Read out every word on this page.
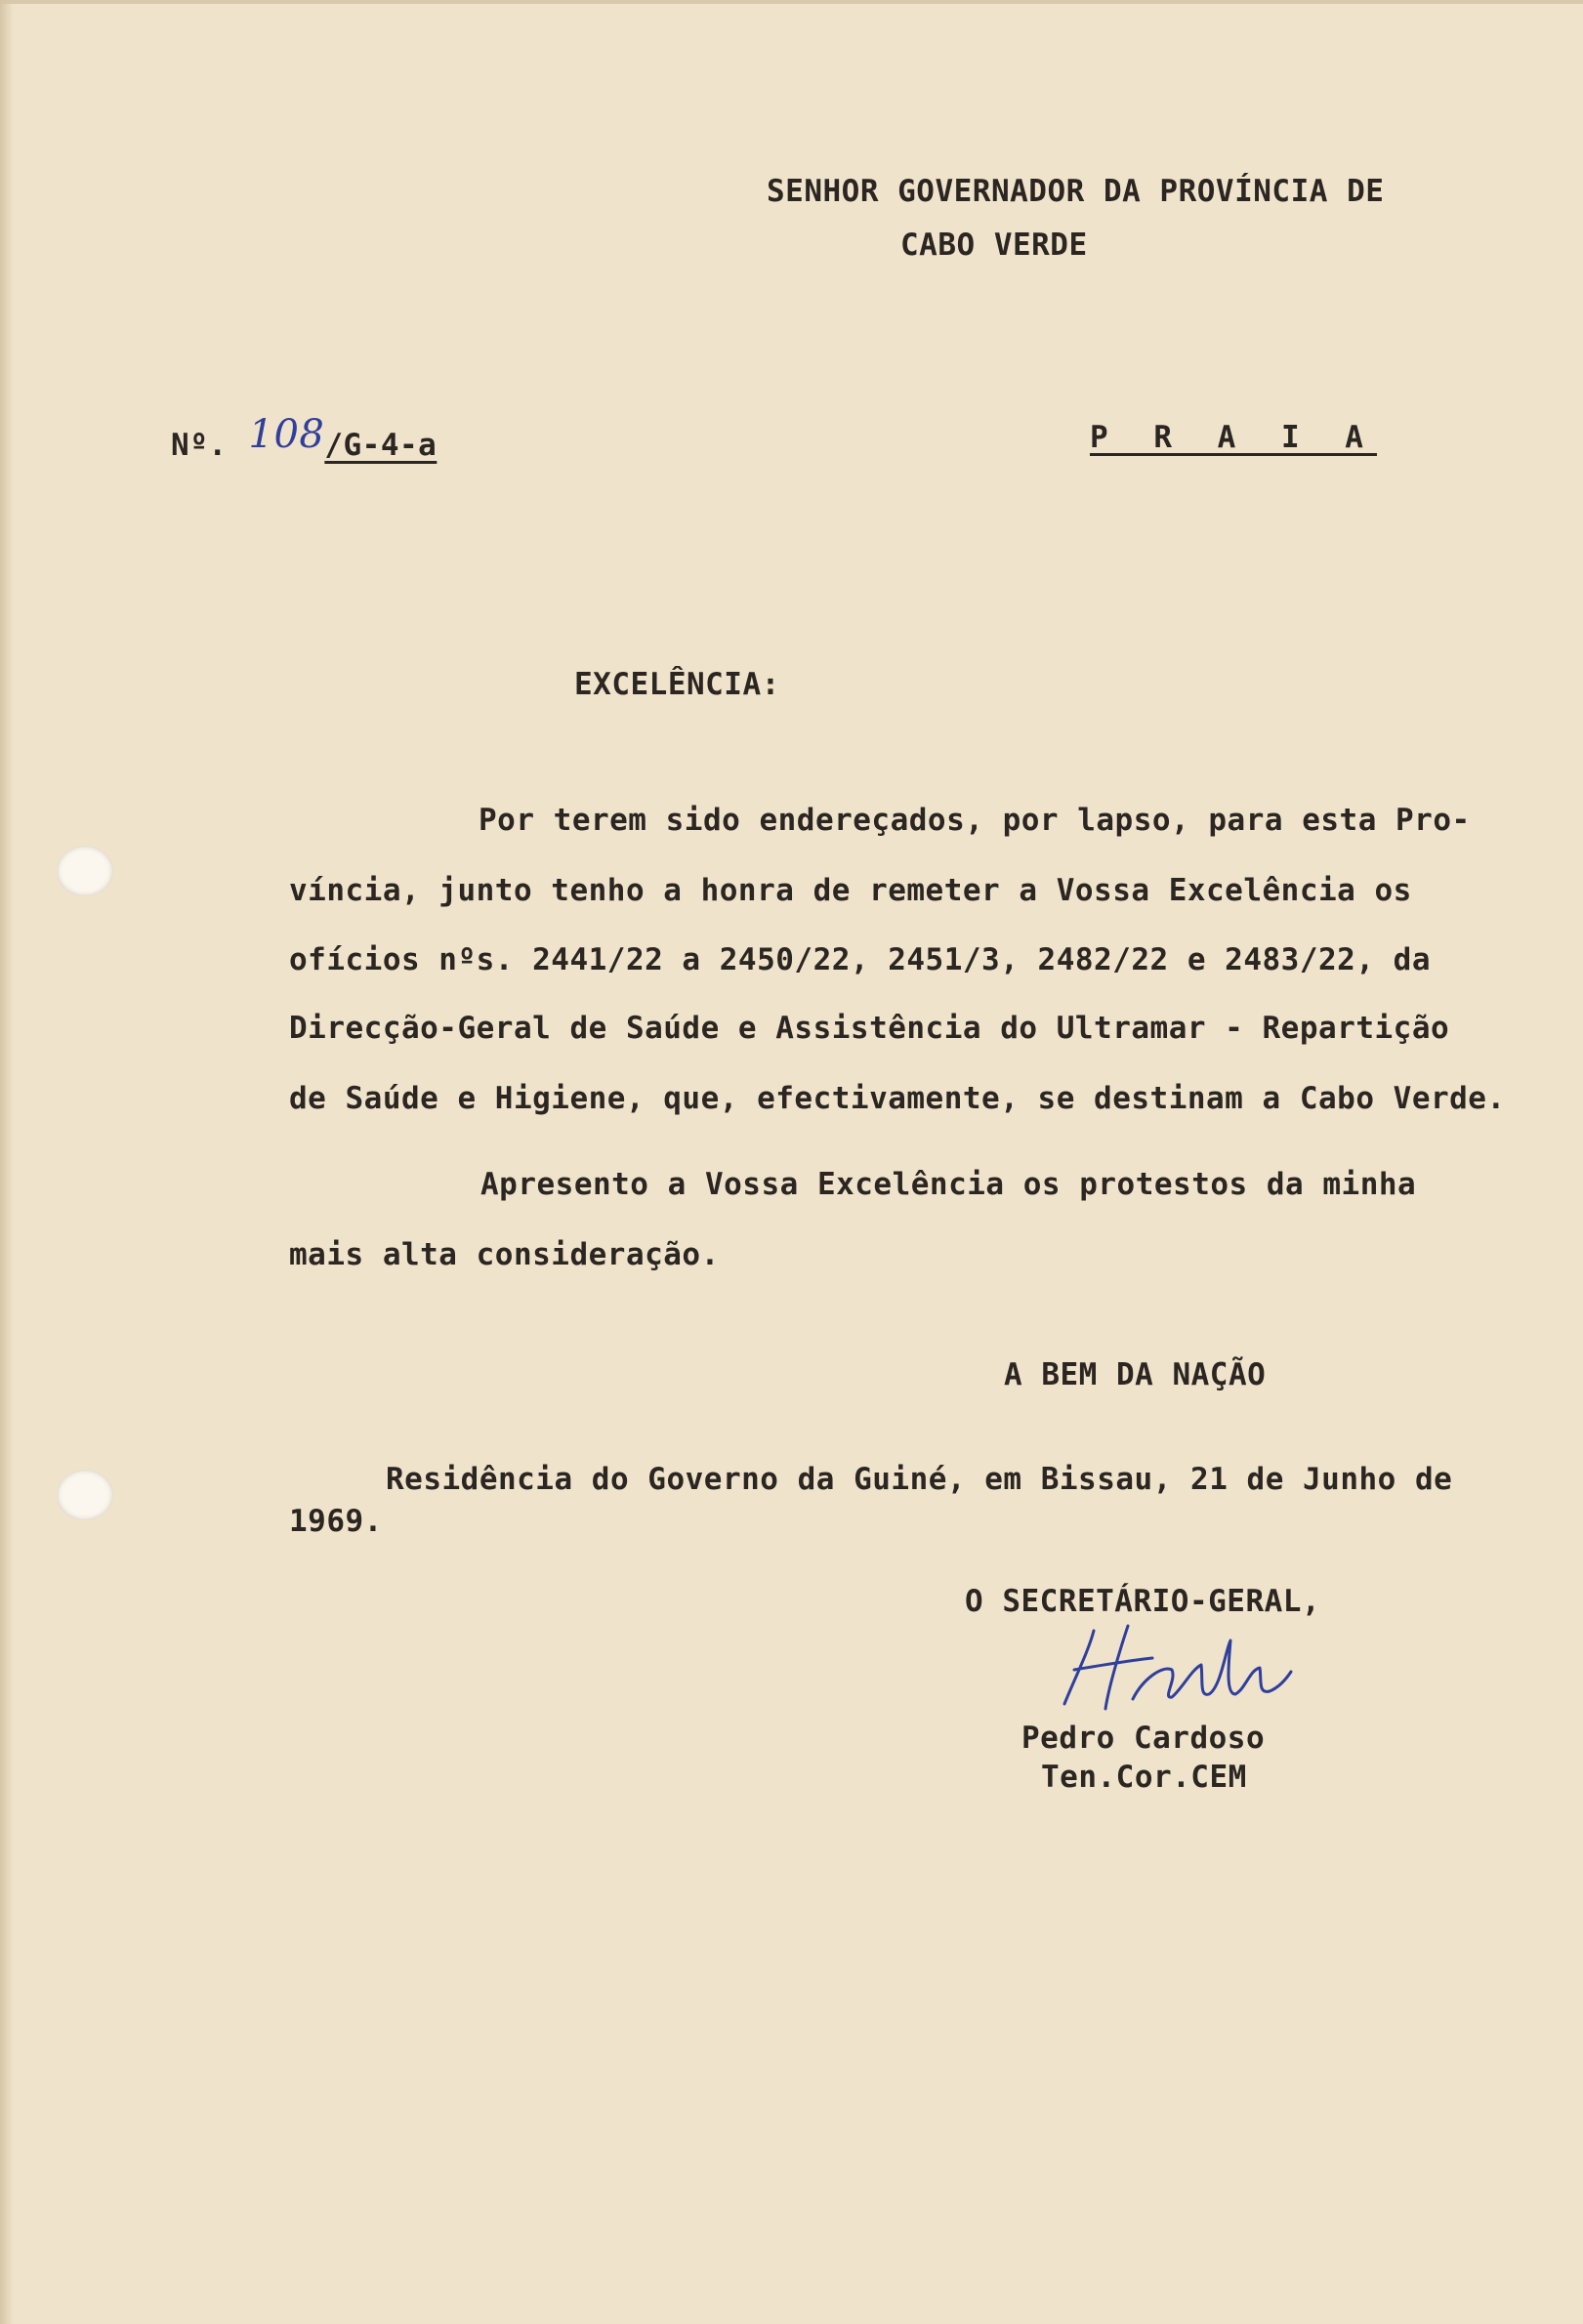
SENHOR GOVERNADOR DA PROVÍNCIA DE
CABO VERDE
Nº. 108/G-4-a	P R A I A
EXCELÊNCIA:
Por terem sido endereçados, por lapso, para esta Pro-
víncia, junto tenho a honra de remeter a Vossa Excelência os
ofícios nºs. 2441/22 a 2450/22, 2451/3, 2482/22 e 2483/22, da
Direcção-Geral de Saúde e Assistência do Ultramar - Repartição
de Saúde e Higiene, que, efectivamente, se destinam a Cabo Verde.
Apresento a Vossa Excelência os protestos da minha
mais alta consideração.
A BEM DA NAÇÃO
Residência do Governo da Guiné, em Bissau, 21 de Junho de
1969.
O SECRETÁRIO-GERAL,
Pedro Cardoso
Ten.Cor.CEM
